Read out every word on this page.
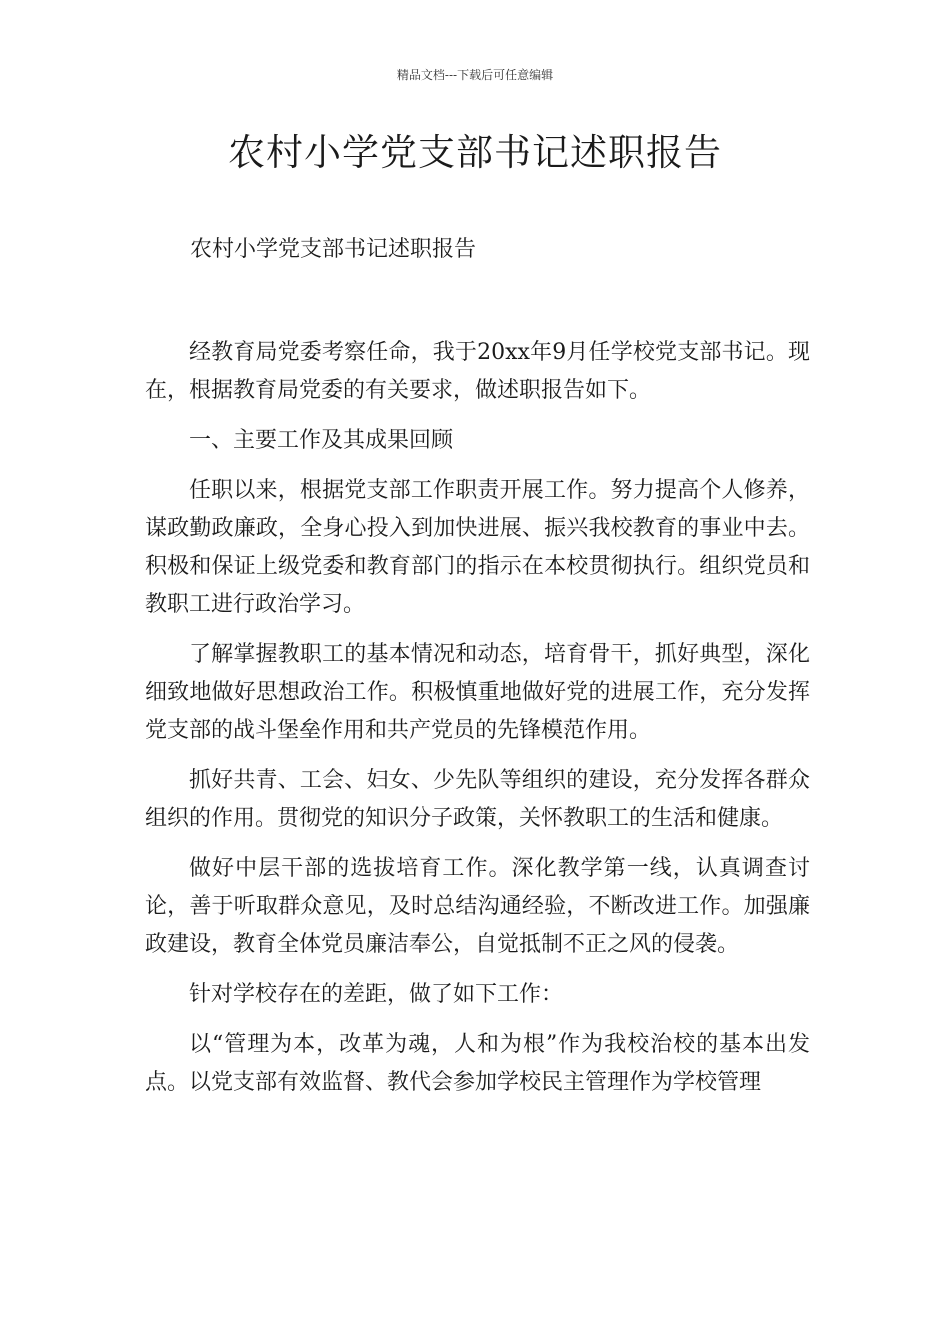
精品文档---下载后可任意编辑
农村小学党支部书记述职报告

农村小学党支部书记述职报告

经教育局党委考察任命，我于20xx年9月任学校党支部书记。现在，根据教育局党委的有关要求，做述职报告如下。

一、主要工作及其成果回顾

任职以来，根据党支部工作职责开展工作。努力提高个人修养，谋政勤政廉政，全身心投入到加快进展、振兴我校教育的事业中去。积极和保证上级党委和教育部门的指示在本校贯彻执行。组织党员和教职工进行政治学习。

了解掌握教职工的基本情况和动态，培育骨干，抓好典型，深化细致地做好思想政治工作。积极慎重地做好党的进展工作，充分发挥党支部的战斗堡垒作用和共产党员的先锋模范作用。

抓好共青、工会、妇女、少先队等组织的建设，充分发挥各群众组织的作用。贯彻党的知识分子政策，关怀教职工的生活和健康。

做好中层干部的选拔培育工作。深化教学第一线，认真调查讨论，善于听取群众意见，及时总结沟通经验，不断改进工作。加强廉政建设，教育全体党员廉洁奉公，自觉抵制不正之风的侵袭。

针对学校存在的差距，做了如下工作：

以“管理为本，改革为魂，人和为根”作为我校治校的基本出发点。以党支部有效监督、教代会参加学校民主管理作为学校管理
